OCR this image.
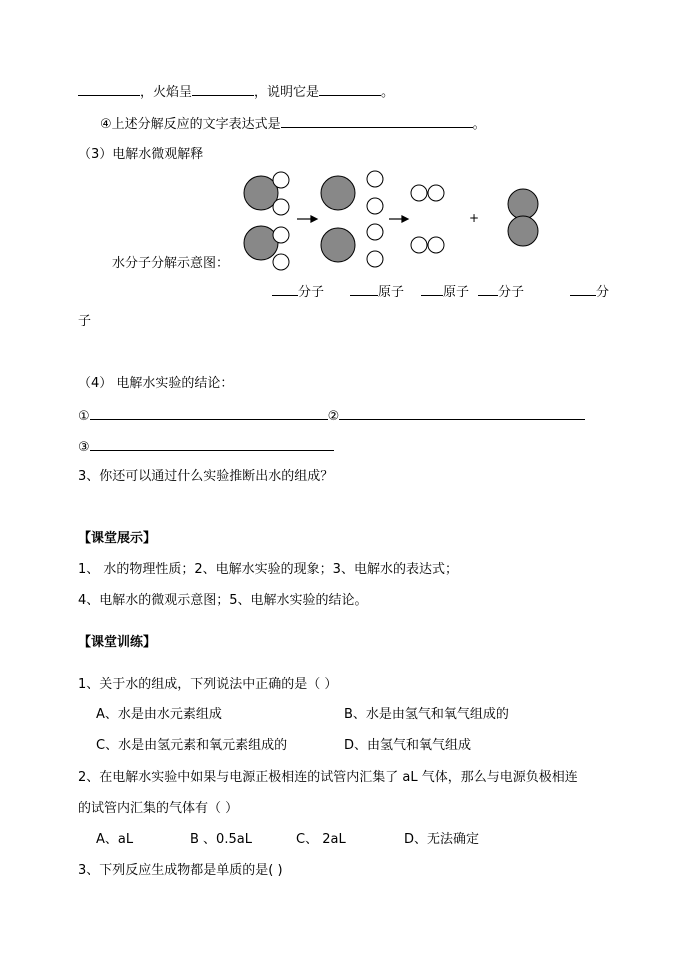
，火焰呈	，说明它是	。
④上述分解反应的文字表达式是	。
（3）电解水微观解释
+
水分子分解示意图：
分子	原子	原子	分子	分
子
（4） 电解水实验的结论：
①	②
③
3、你还可以通过什么实验推断出水的组成？
【课堂展示】
1、 水的物理性质；2、电解水实验的现象；3、电解水的表达式；
4、电解水的微观示意图；5、电解水实验的结论。
【课堂训练】
1、关于水的组成，下列说法中正确的是（ ）
A、水是由水元素组成	B、水是由氢气和氧气组成的
C、水是由氢元素和氧元素组成的	D、由氢气和氧气组成
2、在电解水实验中如果与电源正极相连的试管内汇集了 aL 气体，那么与电源负极相连
的试管内汇集的气体有（ ）
A、aL	B 、0.5aL	C、 2aL	D、无法确定
3、下列反应生成物都是单质的是( )
